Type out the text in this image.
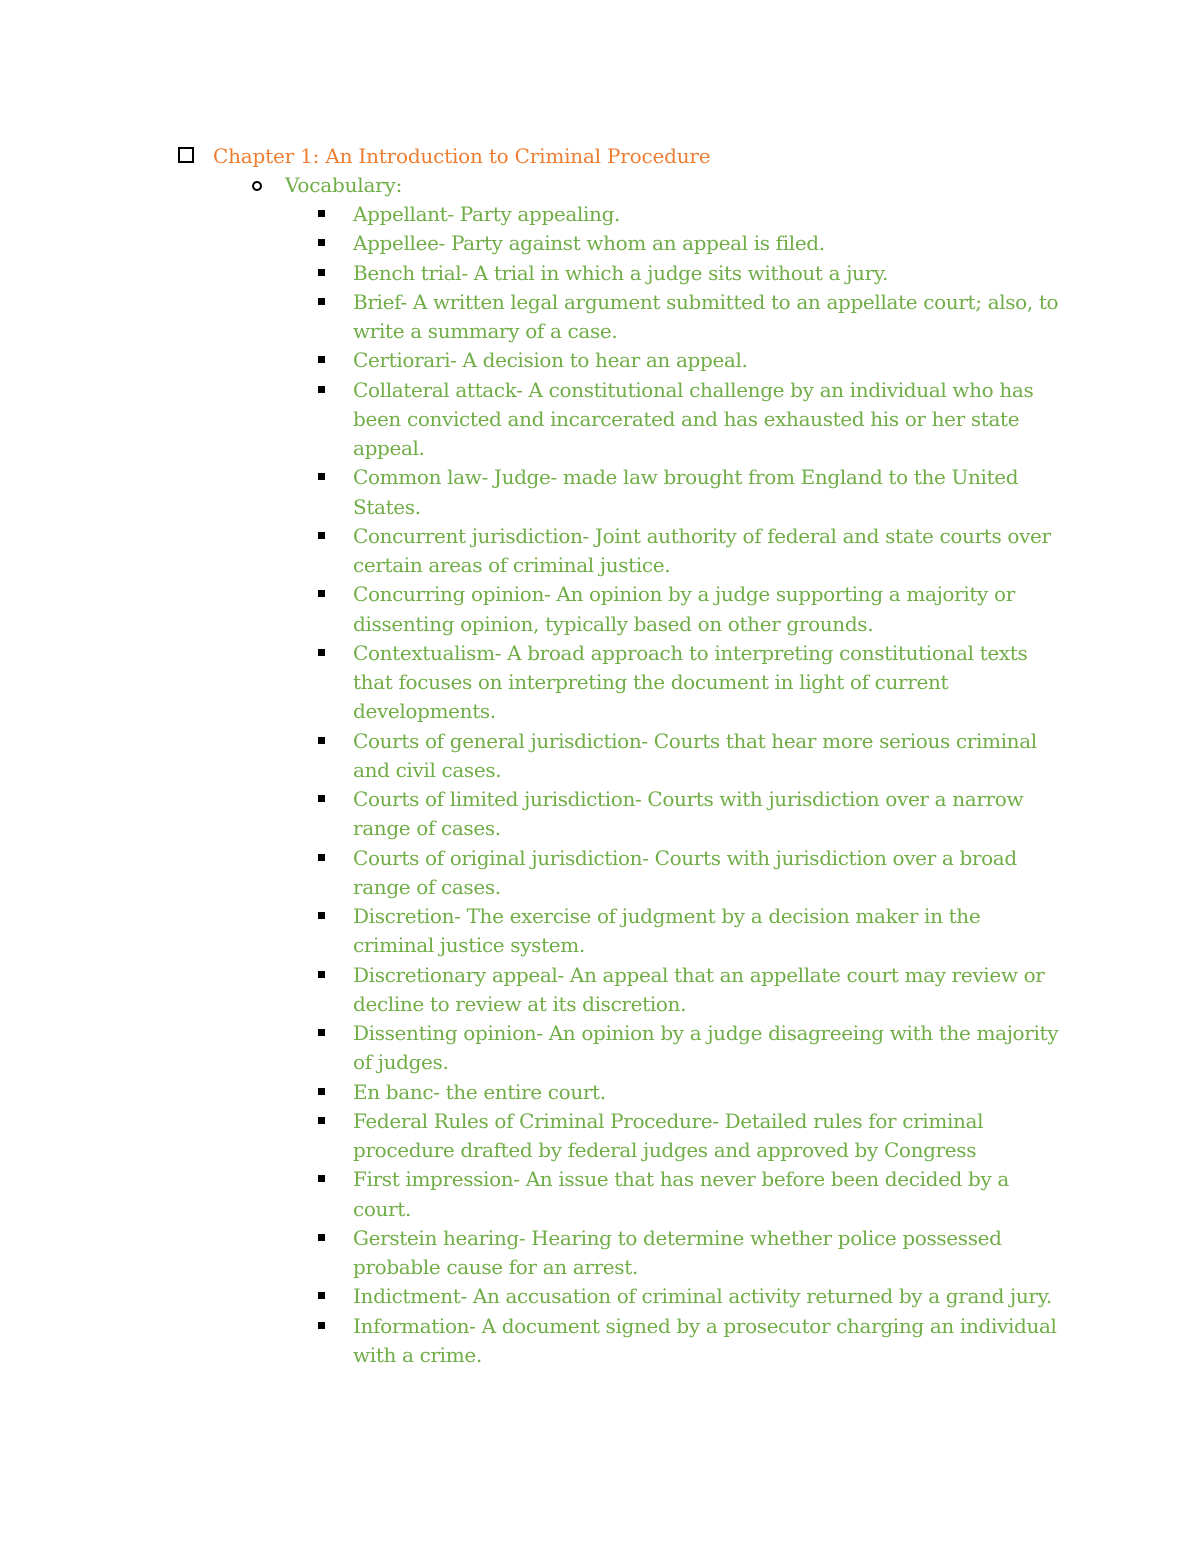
Chapter 1: An Introduction to Criminal Procedure
Vocabulary:
Appellant- Party appealing.
Appellee- Party against whom an appeal is filed.
Bench trial- A trial in which a judge sits without a jury.
Brief- A written legal argument submitted to an appellate court; also, to write a summary of a case.
Certiorari- A decision to hear an appeal.
Collateral attack- A constitutional challenge by an individual who has been convicted and incarcerated and has exhausted his or her state appeal.
Common law- Judge- made law brought from England to the United States.
Concurrent jurisdiction- Joint authority of federal and state courts over certain areas of criminal justice.
Concurring opinion- An opinion by a judge supporting a majority or dissenting opinion, typically based on other grounds.
Contextualism- A broad approach to interpreting constitutional texts that focuses on interpreting the document in light of current developments.
Courts of general jurisdiction- Courts that hear more serious criminal and civil cases.
Courts of limited jurisdiction- Courts with jurisdiction over a narrow range of cases.
Courts of original jurisdiction- Courts with jurisdiction over a broad range of cases.
Discretion- The exercise of judgment by a decision maker in the criminal justice system.
Discretionary appeal- An appeal that an appellate court may review or decline to review at its discretion.
Dissenting opinion- An opinion by a judge disagreeing with the majority of judges.
En banc- the entire court.
Federal Rules of Criminal Procedure- Detailed rules for criminal procedure drafted by federal judges and approved by Congress
First impression- An issue that has never before been decided by a court.
Gerstein hearing- Hearing to determine whether police possessed probable cause for an arrest.
Indictment- An accusation of criminal activity returned by a grand jury.
Information- A document signed by a prosecutor charging an individual with a crime.
